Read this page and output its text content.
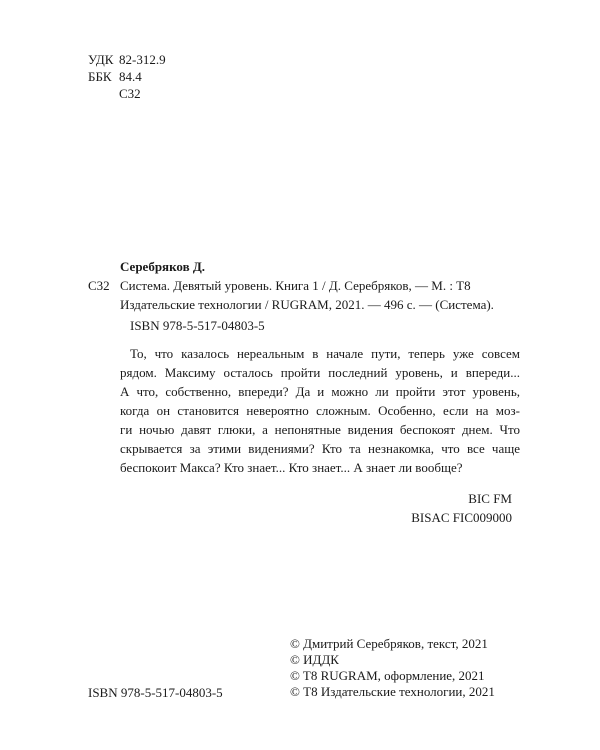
УДК 82-312.9
ББК 84.4
С32
С32
Серебряков Д.
Система. Девятый уровень. Книга 1 / Д. Серебряков, — М. : Т8
Издательские технологии / RUGRAM, 2021. — 496 с. — (Система).
ISBN 978-5-517-04803-5
То, что казалось нереальным в начале пути, теперь уже совсем
рядом. Максиму осталось пройти последний уровень, и впереди...
А что, собственно, впереди? Да и можно ли пройти этот уровень,
когда он становится невероятно сложным. Особенно, если на моз-
ги ночью давят глюки, а непонятные видения беспокоят днем. Что
скрывается за этими видениями? Кто та незнакомка, что все чаще
беспокоит Макса? Кто знает... Кто знает... А знает ли вообще?
BIC FM
BISAC FIC009000
© Дмитрий Серебряков, текст, 2021
© ИДДК
© T8 RUGRAM, оформление, 2021
© Т8 Издательские технологии, 2021
ISBN 978-5-517-04803-5
